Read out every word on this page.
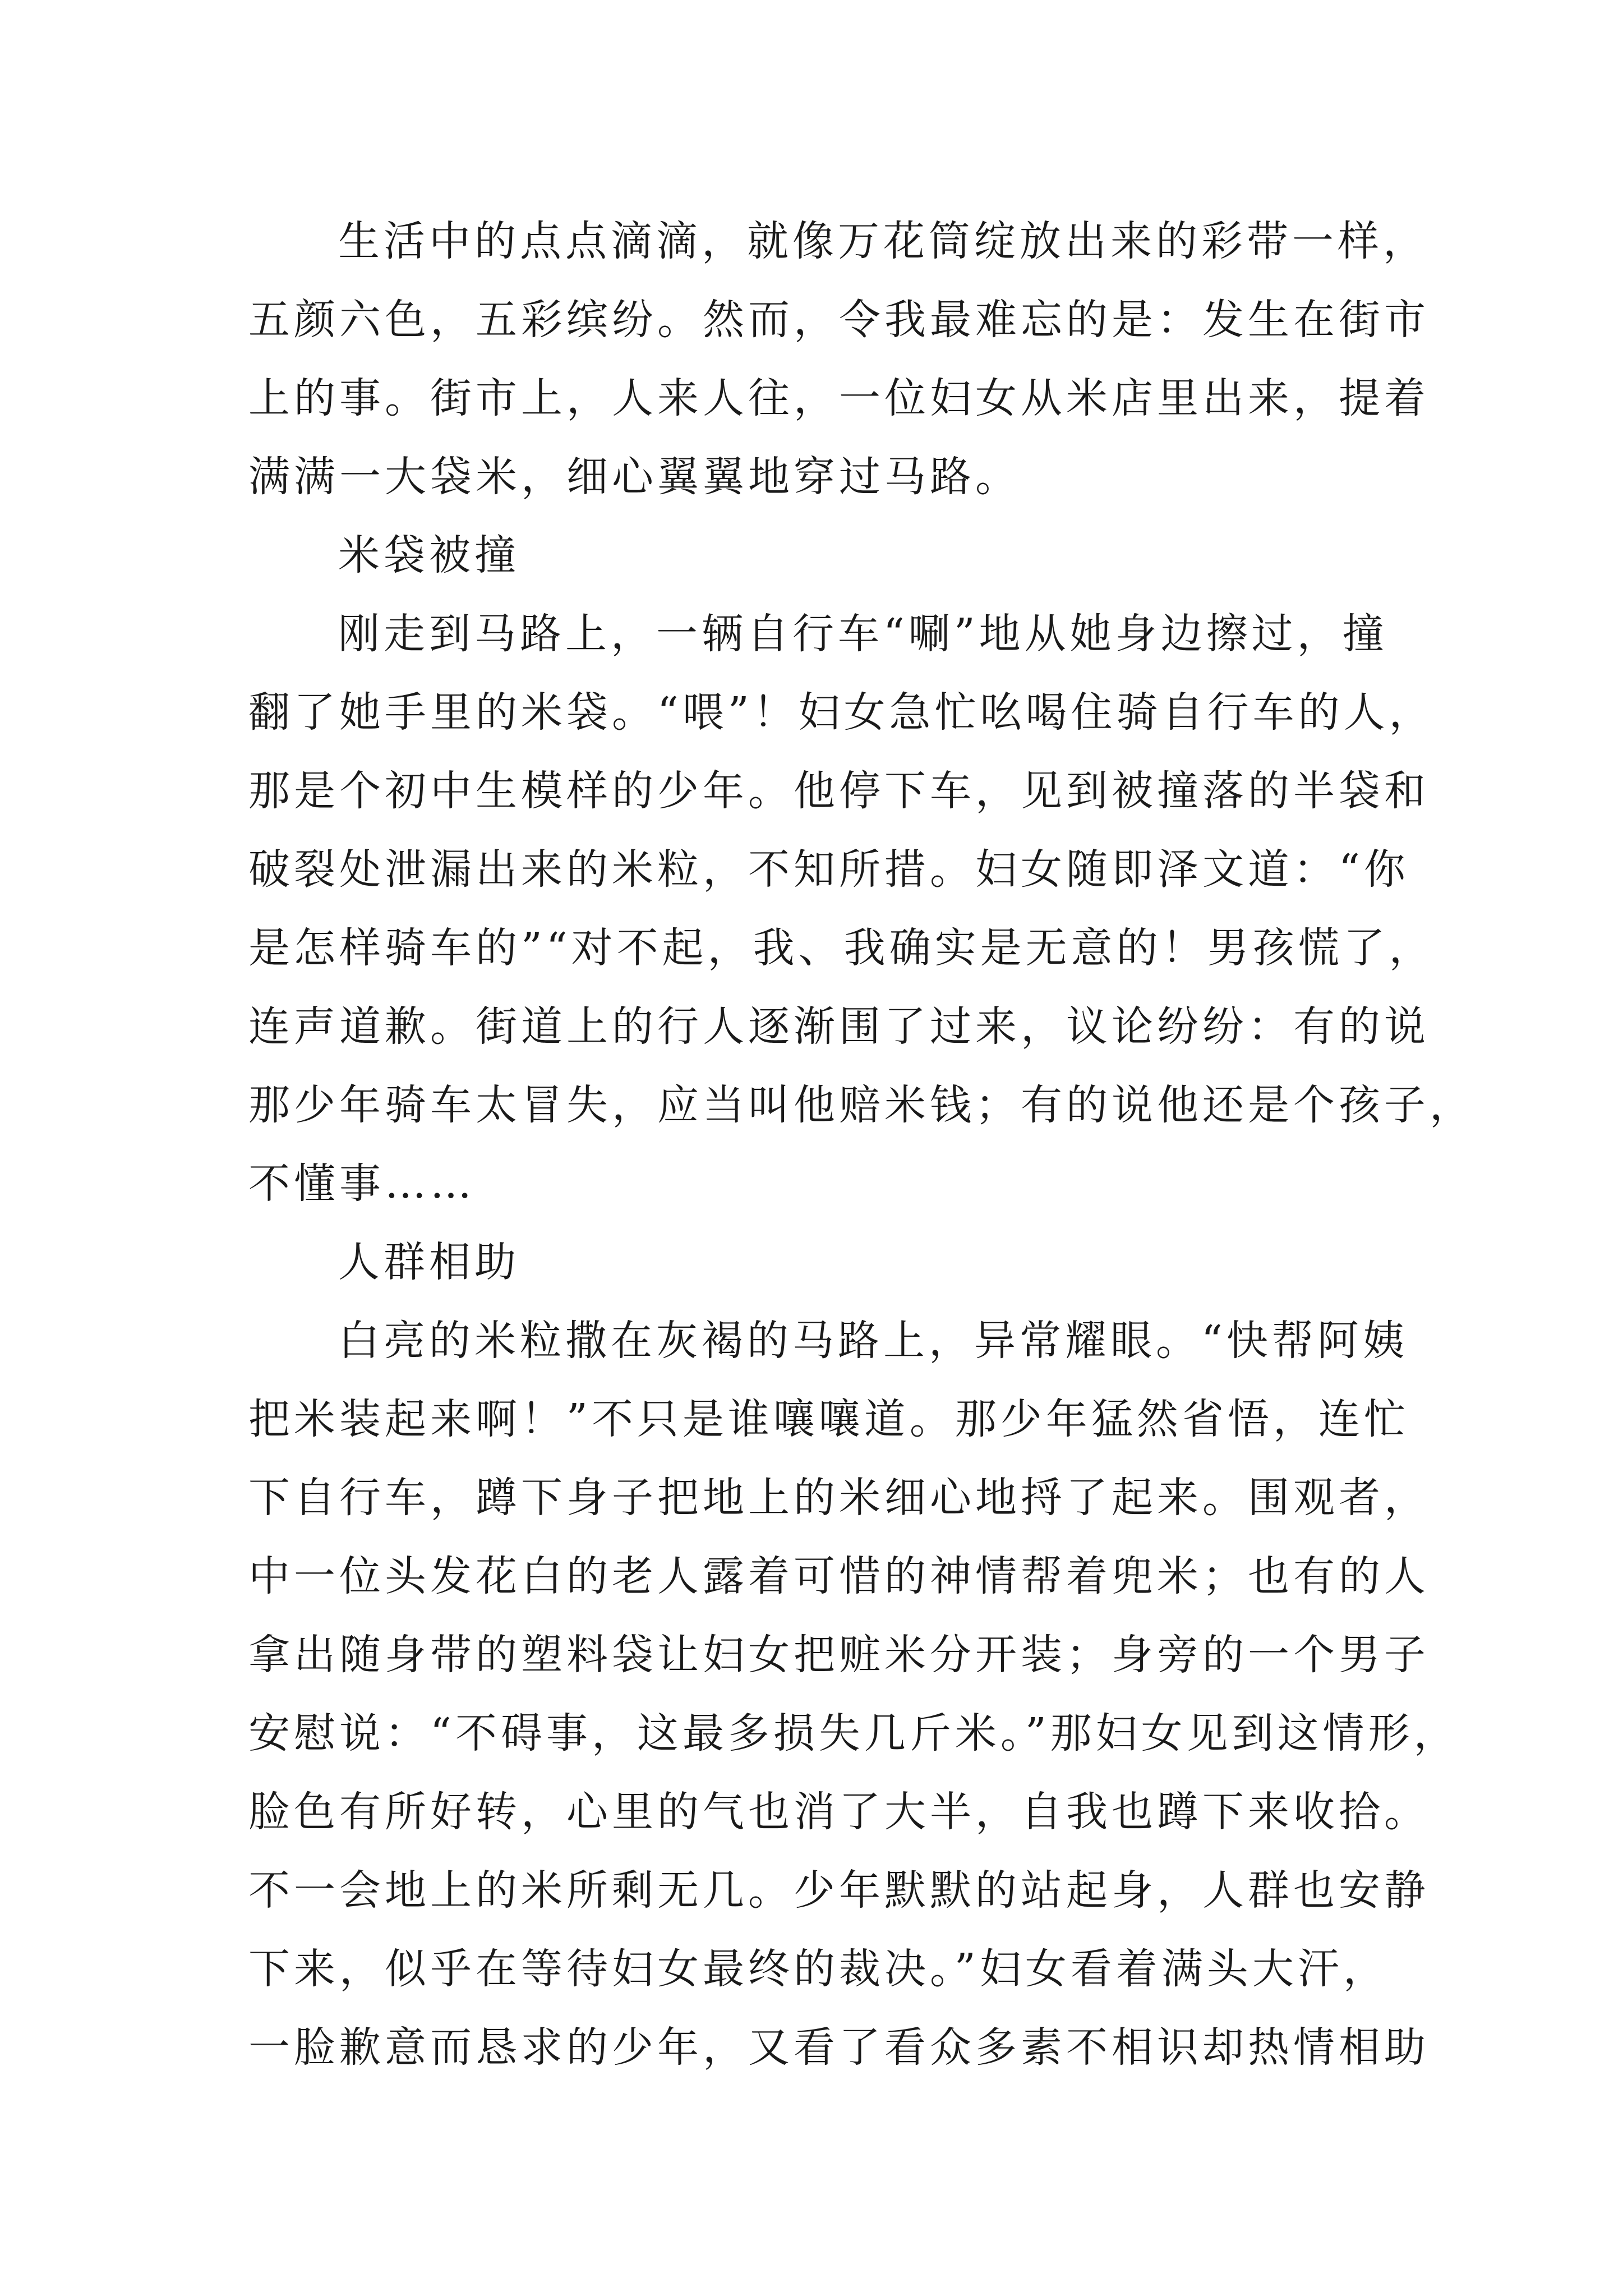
生活中的点点滴滴，就像万花筒绽放出来的彩带一样，
五颜六色，五彩缤纷。然而，令我最难忘的是：发生在街市
上的事。街市上，人来人往，一位妇女从米店里出来，提着
满满一大袋米，细心翼翼地穿过马路。
米袋被撞
刚走到马路上，一辆自行车“唰”地从她身边擦过，撞
翻了她手里的米袋。“喂”！妇女急忙吆喝住骑自行车的人，
那是个初中生模样的少年。他停下车，见到被撞落的半袋和
破裂处泄漏出来的米粒，不知所措。妇女随即泽文道：“你
是怎样骑车的”“对不起，我、我确实是无意的！男孩慌了，
连声道歉。街道上的行人逐渐围了过来，议论纷纷：有的说
那少年骑车太冒失，应当叫他赔米钱；有的说他还是个孩子，
不懂事……
人群相助
白亮的米粒撒在灰褐的马路上，异常耀眼。“快帮阿姨
把米装起来啊！”不只是谁嚷嚷道。那少年猛然省悟，连忙
下自行车，蹲下身子把地上的米细心地捋了起来。围观者，
中一位头发花白的老人露着可惜的神情帮着兜米；也有的人
拿出随身带的塑料袋让妇女把赃米分开装；身旁的一个男子
安慰说：“不碍事，这最多损失几斤米。”那妇女见到这情形，
脸色有所好转，心里的气也消了大半，自我也蹲下来收拾。
不一会地上的米所剩无几。少年默默的站起身，人群也安静
下来，似乎在等待妇女最终的裁决。”妇女看着满头大汗，
一脸歉意而恳求的少年，又看了看众多素不相识却热情相助
